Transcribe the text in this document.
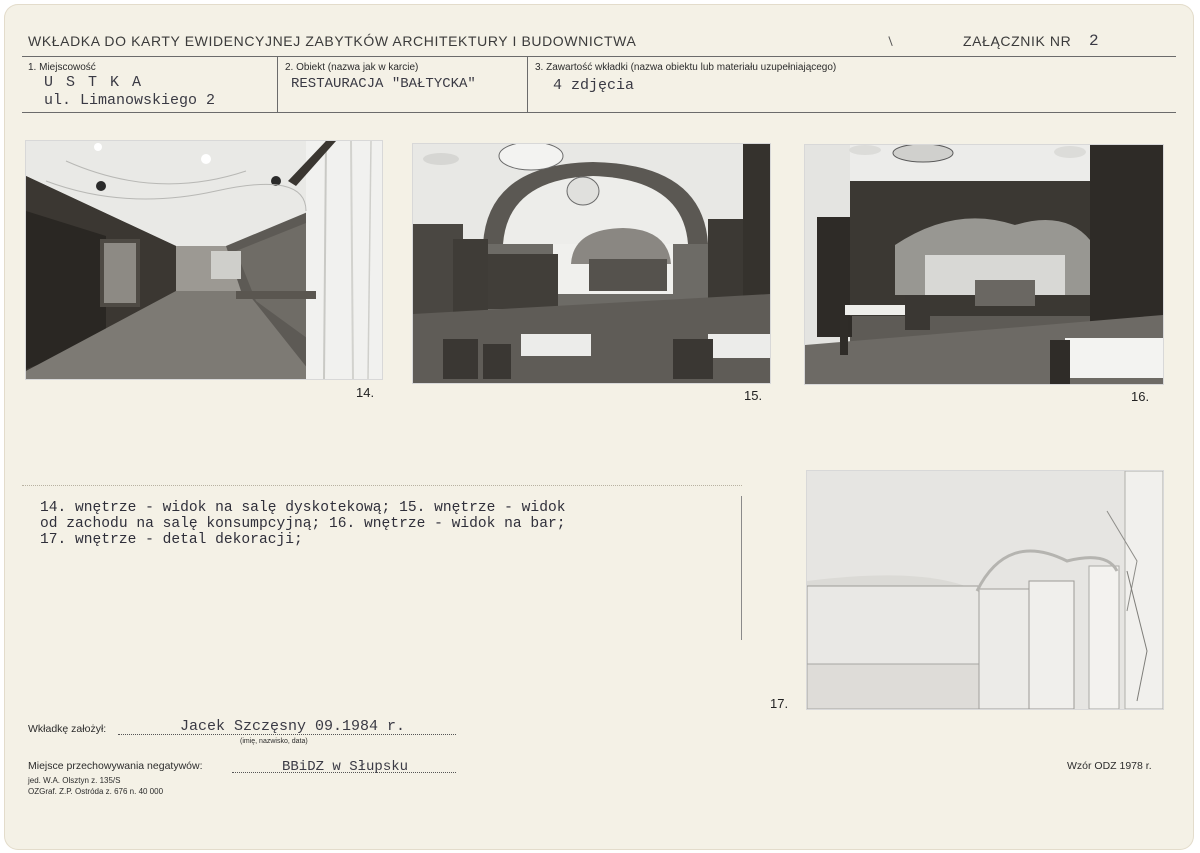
WKŁADKA DO KARTY EWIDENCYJNEJ ZABYTKÓW ARCHITEKTURY I BUDOWNICTWA	ZAŁĄCZNIK NR 2
1. Miejscowość
U S T K A
ul. Limanowskiego 2
2. Obiekt (nazwa jak w karcie)
RESTAURACJA "BAŁTYCKA"
3. Zawartość wkładki (nazwa obiektu lub materiału uzupełniającego)
4 zdjęcia
14.	15.	16.
14. wnętrze - widok na salę dyskotekową; 15. wnętrze - widok
od zachodu na salę konsumpcyjną; 16. wnętrze - widok na bar;
17. wnętrze - detal dekoracji;
17.
Wkładkę założył:	Jacek Szczęsny 09.1984 r.
(imię, nazwisko, data)
Miejsce przechowywania negatywów:	BBiDZ w Słupsku
jed. W.A. Olsztyn z. 135/S
OZGraf. Z.P. Ostróda z. 676 n. 40 000
Wzór ODZ 1978 r.
